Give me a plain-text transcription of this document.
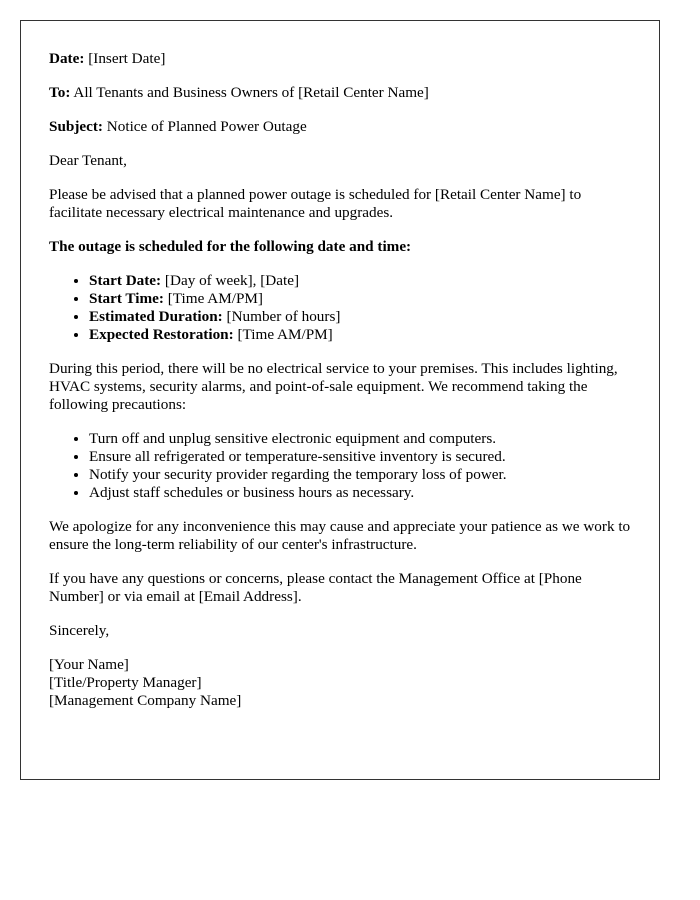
Date: [Insert Date]

To: All Tenants and Business Owners of [Retail Center Name]

Subject: Notice of Planned Power Outage

Dear Tenant,

Please be advised that a planned power outage is scheduled for [Retail Center Name] to facilitate necessary electrical maintenance and upgrades.

The outage is scheduled for the following date and time:

• Start Date: [Day of week], [Date]
• Start Time: [Time AM/PM]
• Estimated Duration: [Number of hours]
• Expected Restoration: [Time AM/PM]

During this period, there will be no electrical service to your premises. This includes lighting, HVAC systems, security alarms, and point-of-sale equipment. We recommend taking the following precautions:

• Turn off and unplug sensitive electronic equipment and computers.
• Ensure all refrigerated or temperature-sensitive inventory is secured.
• Notify your security provider regarding the temporary loss of power.
• Adjust staff schedules or business hours as necessary.

We apologize for any inconvenience this may cause and appreciate your patience as we work to ensure the long-term reliability of our center's infrastructure.

If you have any questions or concerns, please contact the Management Office at [Phone Number] or via email at [Email Address].

Sincerely,

[Your Name]
[Title/Property Manager]
[Management Company Name]
